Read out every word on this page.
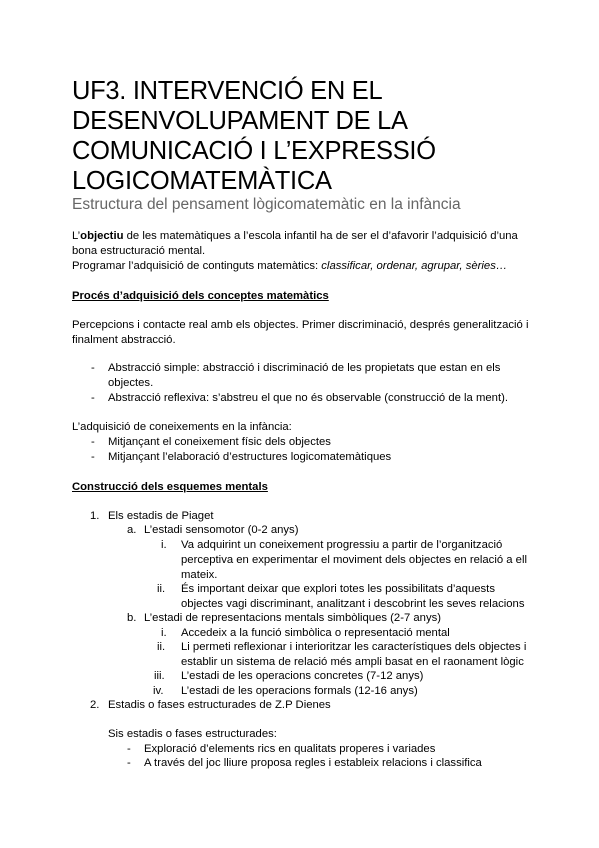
UF3. INTERVENCIÓ EN EL DESENVOLUPAMENT DE LA COMUNICACIÓ I L’EXPRESSIÓ LOGICOMATEMÀTICA

Estructura del pensament lògicomatemàtic en la infància

L’objectiu de les matemàtiques a l’escola infantil ha de ser el d’afavorir l’adquisició d’una

bona estructuració mental.

Programar l’adquisició de continguts matemàtics: classificar, ordenar, agrupar, sèries…

Procés d’adquisició dels conceptes matemàtics

Percepcions i contacte real amb els objectes. Primer discriminació, després generalització i

finalment abstracció.

- Abstracció simple: abstracció i discriminació de les propietats que estan en els

objectes.

- Abstracció reflexiva: s’abstreu el que no és observable (construcció de la ment).

L’adquisició de coneixements en la infància:

- Mitjançant el coneixement físic dels objectes

- Mitjançant l’elaboració d’estructures logicomatemàtiques

Construcció dels esquemes mentals

1. Els estadis de Piaget

a. L’estadi sensomotor (0-2 anys)

i. Va adquirint un coneixement progressiu a partir de l’organització

perceptiva en experimentar el moviment dels objectes en relació a ell

mateix.

ii. És important deixar que explori totes les possibilitats d’aquests

objectes vagi discriminant, analitzant i descobrint les seves relacions

b. L’estadi de representacions mentals simbòliques (2-7 anys)

i. Accedeix a la funció simbòlica o representació mental

ii. Li permeti reflexionar i interioritzar les característiques dels objectes i

establir un sistema de relació més ampli basat en el raonament lògic

iii. L’estadi de les operacions concretes (7-12 anys)

iv. L’estadi de les operacions formals (12-16 anys)

2. Estadis o fases estructurades de Z.P Dienes

Sis estadis o fases estructurades:

- Exploració d’elements rics en qualitats properes i variades

- A través del joc lliure proposa regles i estableix relacions i classifica
